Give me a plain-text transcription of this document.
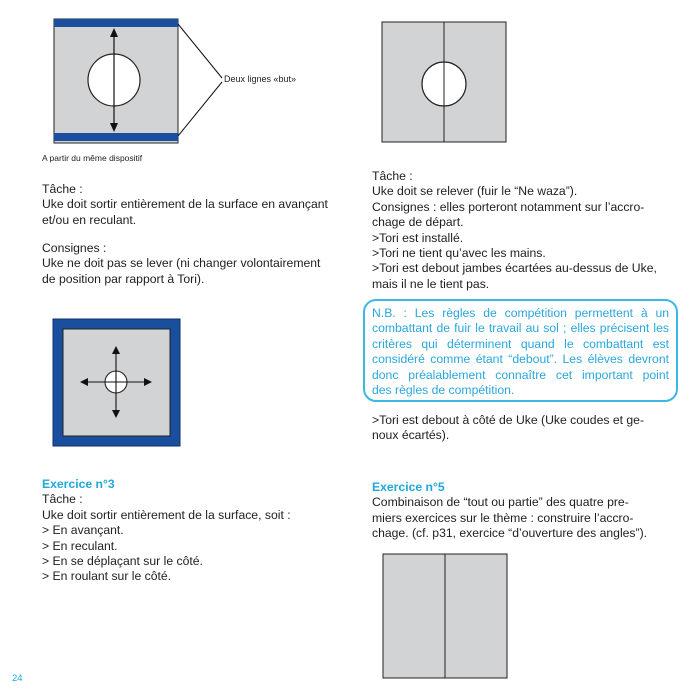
Deux lignes «but»
A partir du même dispositif
Tâche :
Uke doit sortir entièrement de la surface en avançant
et/ou en reculant.
Consignes :
Uke ne doit pas se lever (ni changer volontairement
de position par rapport à Tori).
Exercice n°3
Tâche :
Uke doit sortir entièrement de la surface, soit :
> En avançant.
> En reculant.
> En se déplaçant sur le côté.
> En roulant sur le côté.
Tâche :
Uke doit se relever (fuir le “Ne waza”).
Consignes : elles porteront notamment sur l’accro-
chage de départ.
>Tori est installé.
>Tori ne tient qu’avec les mains.
>Tori est debout jambes écartées au-dessus de Uke,
mais il ne le tient pas.
N.B. : Les règles de compétition permettent à un
combattant de fuir le travail au sol ; elles précisent les
critères qui déterminent quand le combattant est
considéré comme étant “debout”. Les élèves devront
donc préalablement connaître cet important point
des règles de compétition.
>Tori est debout à côté de Uke (Uke coudes et ge-
noux écartés).
Exercice n°5
Combinaison de “tout ou partie” des quatre pre-
miers exercices sur le thème : construire l’accro-
chage. (cf. p31, exercice “d’ouverture des angles”).
24
